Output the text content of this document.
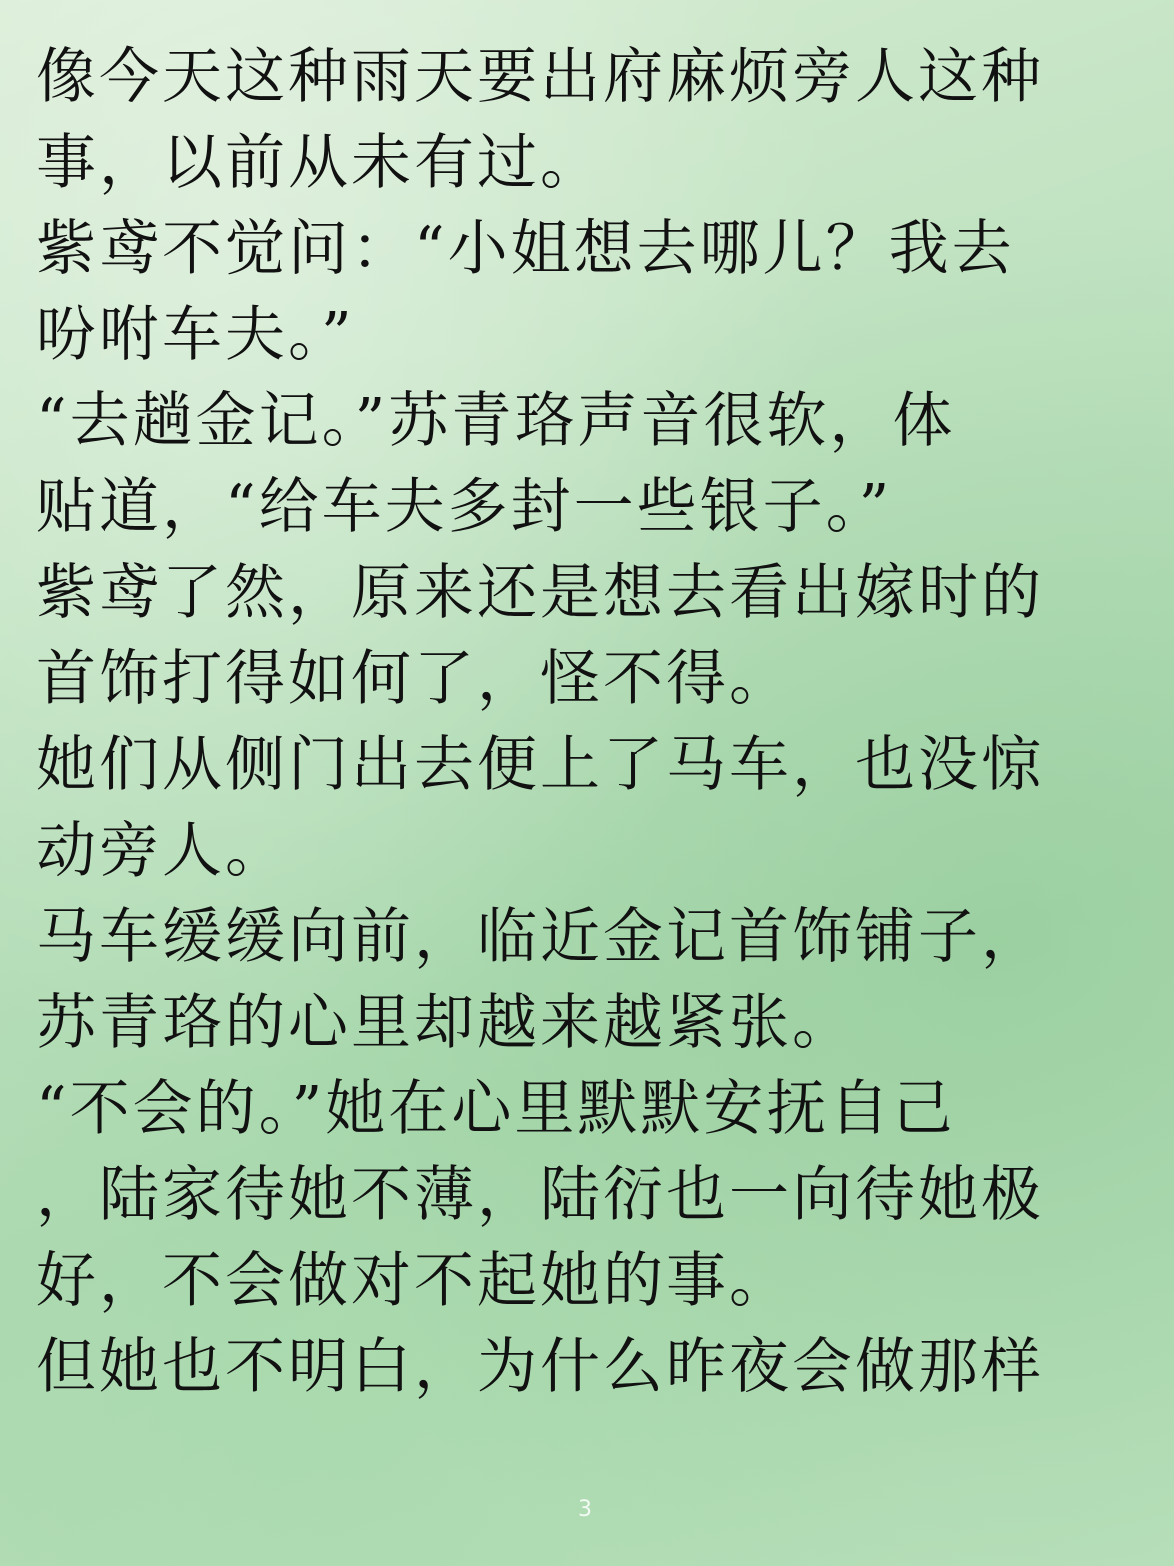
像今天这种雨天要出府麻烦旁人这种
事，以前从未有过。
紫鸢不觉问：“小姐想去哪儿？我去
吩咐车夫。”
“去趟金记。”苏青珞声音很软，体
贴道，“给车夫多封一些银子。”
紫鸢了然，原来还是想去看出嫁时的
首饰打得如何了，怪不得。
她们从侧门出去便上了马车，也没惊
动旁人。
马车缓缓向前，临近金记首饰铺子，
苏青珞的心里却越来越紧张。
“不会的。”她在心里默默安抚自己
，陆家待她不薄，陆衍也一向待她极
好，不会做对不起她的事。
但她也不明白，为什么昨夜会做那样
3
